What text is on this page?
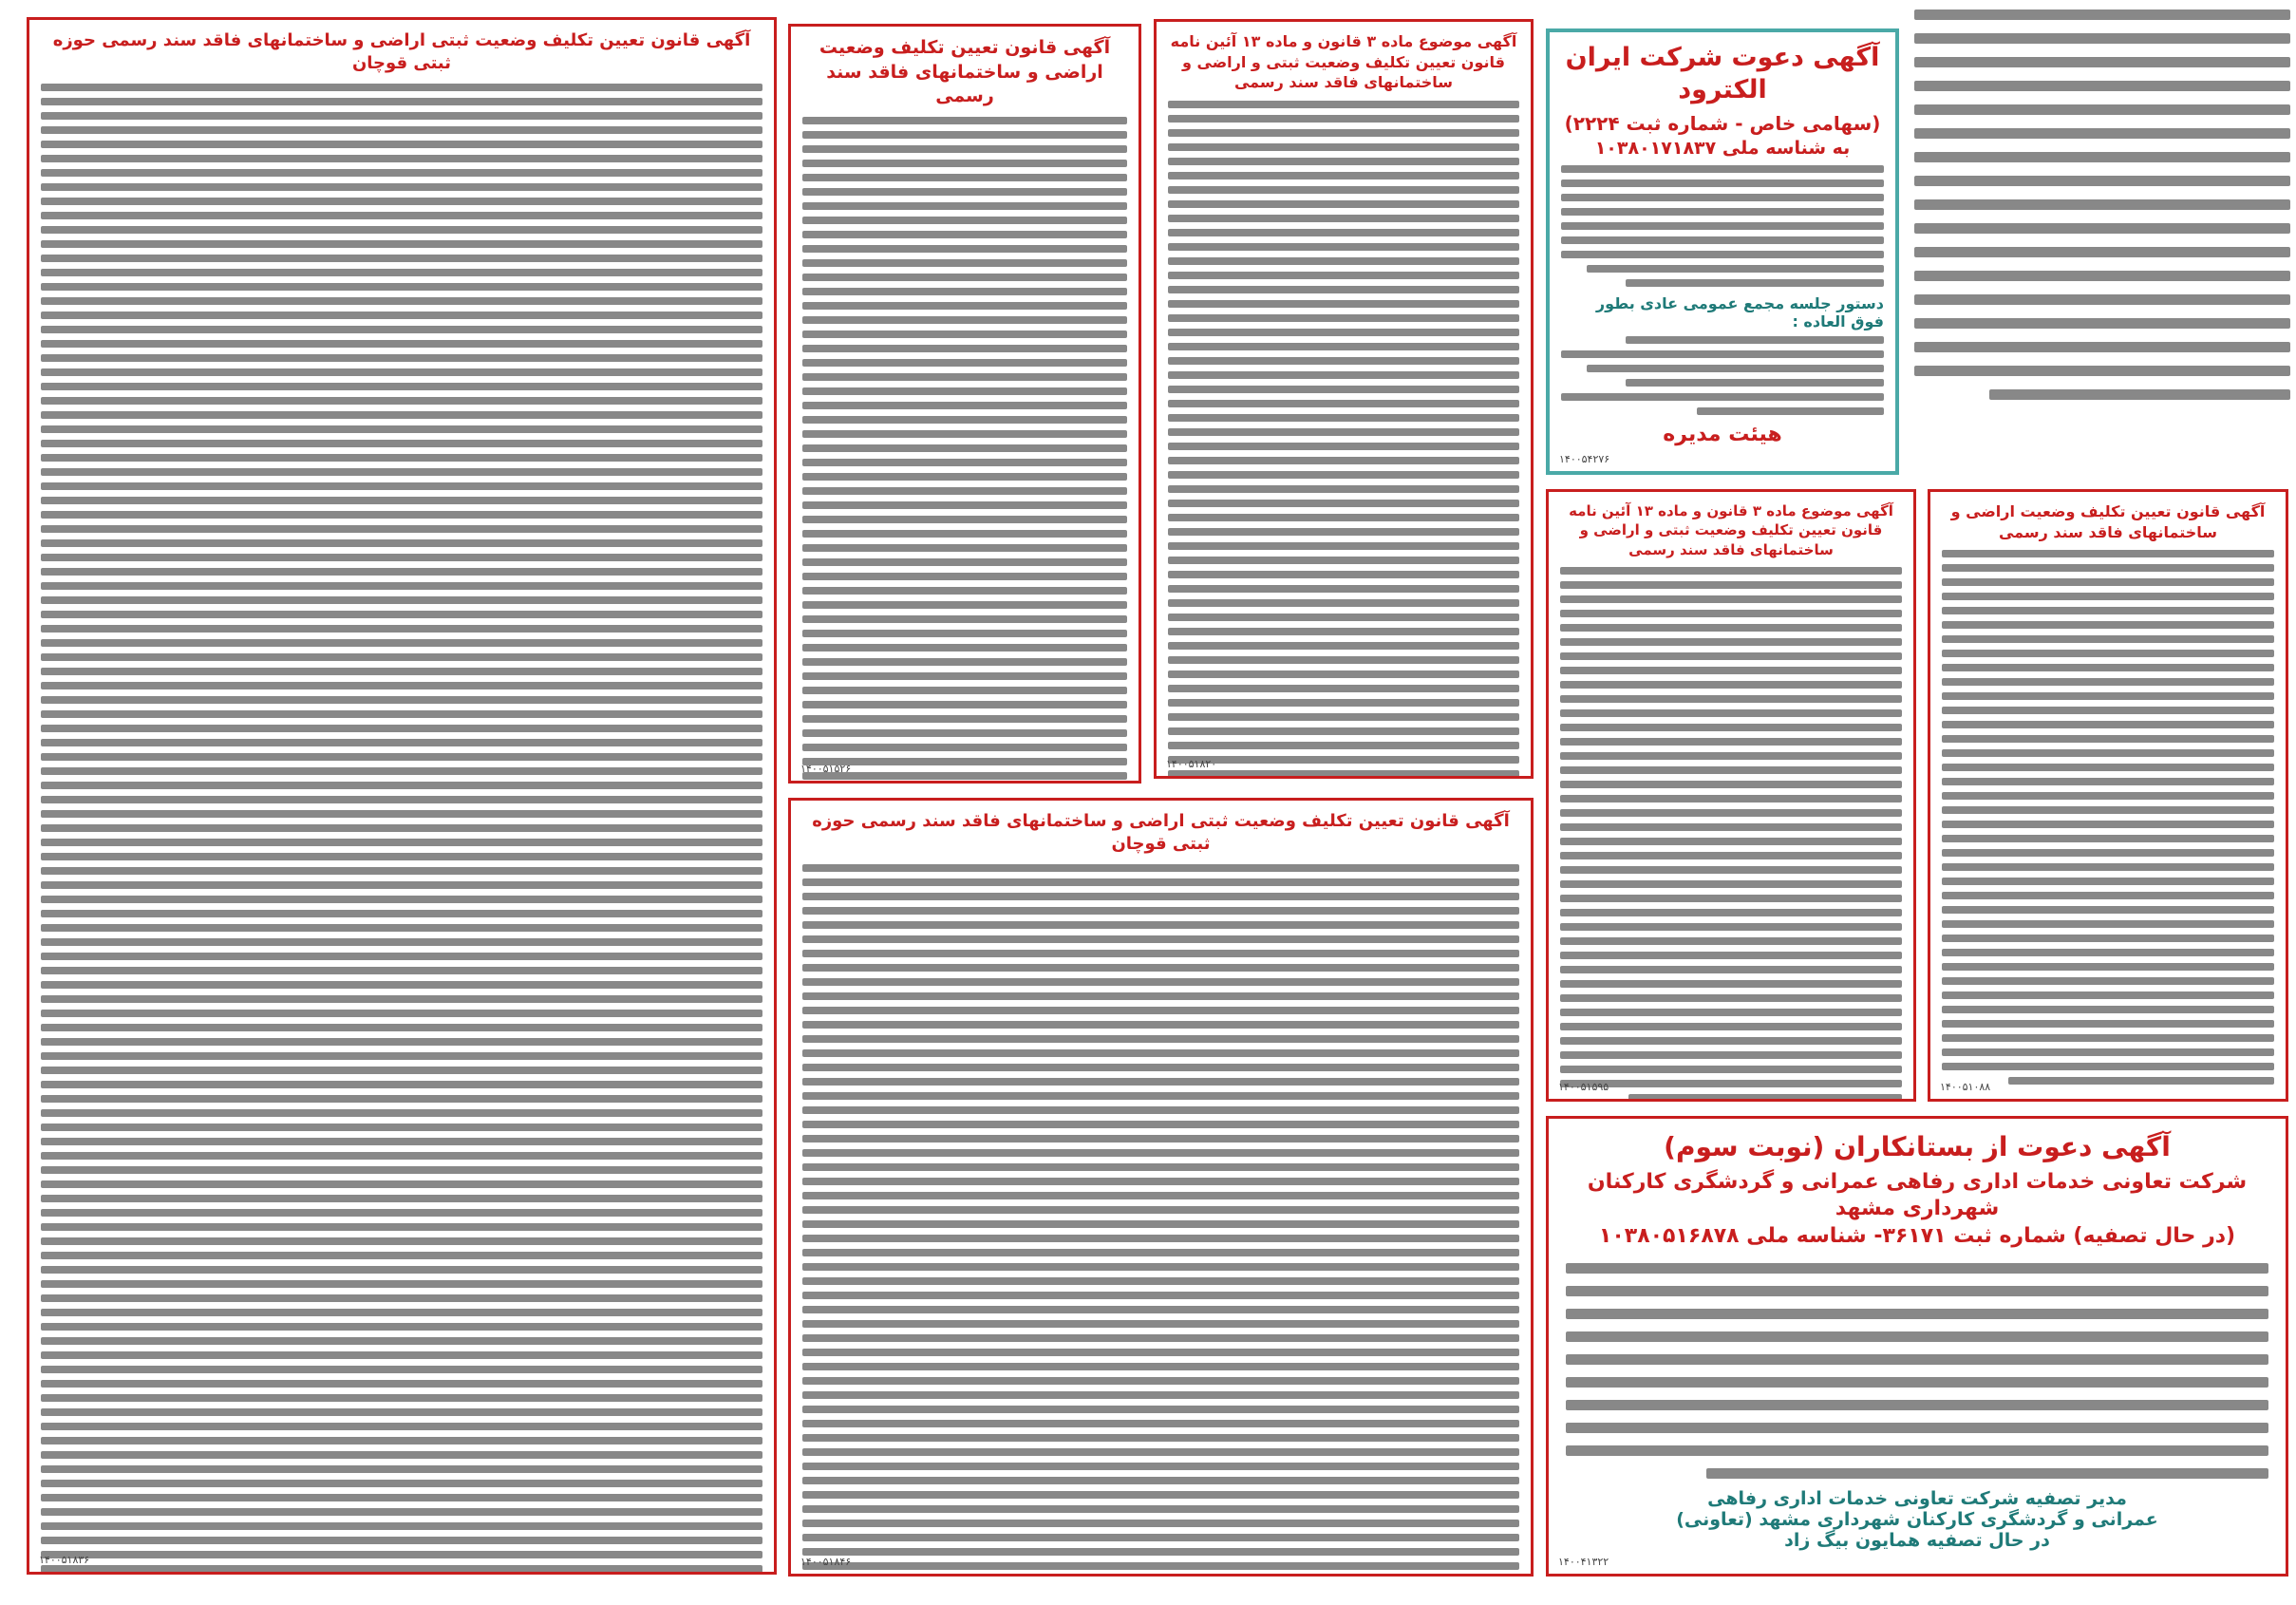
آگهی دعوت شرکت ایران الکترود
(سهامی خاص - شماره ثبت ۲۲۲۴)
به شناسه ملی ۱۰۳۸۰۱۷۱۸۳۷
دستور جلسه مجمع عمومی عادی بطور فوق العاده :
هیئت مدیره
۱۴۰۰۵۴۲۷۶
آگهی قانون تعیین تکلیف وضعیت ثبتی اراضی و ساختمانهای فاقد سند رسمی حوزه ثبتی قوچان
۱۴۰۰۵۱۸۳۶
آگهی قانون تعیین تکلیف وضعیت اراضی و ساختمانهای فاقد سند رسمی
۱۴۰۰۵۱۵۲۶
آگهی موضوع ماده ۳ قانون و ماده ۱۳ آئین نامه قانون تعیین تکلیف وضعیت ثبتی و اراضی و ساختمانهای فاقد سند رسمی
۱۴۰۰۵۱۸۲۰
آگهی قانون تعیین تکلیف وضعیت ثبتی اراضی و ساختمانهای فاقد سند رسمی حوزه ثبتی قوچان
۱۴۰۰۵۱۸۴۶
آگهی موضوع ماده ۳ قانون و ماده ۱۳ آئین نامه قانون تعیین تکلیف وضعیت ثبتی و اراضی و ساختمانهای فاقد سند رسمی
۱۴۰۰۵۱۵۹۵
آگهی قانون تعیین تکلیف وضعیت اراضی و ساختمانهای فاقد سند رسمی
۱۴۰۰۵۱۰۸۸
آگهی دعوت از بستانکاران (نوبت سوم)
شرکت تعاونی خدمات اداری رفاهی عمرانی و گردشگری کارکنان شهرداری مشهد
(در حال تصفیه) شماره ثبت ۳۶۱۷۱- شناسه ملی ۱۰۳۸۰۵۱۶۸۷۸
مدیر تصفیه شرکت تعاونی خدمات اداری رفاهی
عمرانی و گردشگری کارکنان شهرداری مشهد (تعاونی)
در حال تصفیه همایون بیگ زاد
۱۴۰۰۴۱۳۲۲
